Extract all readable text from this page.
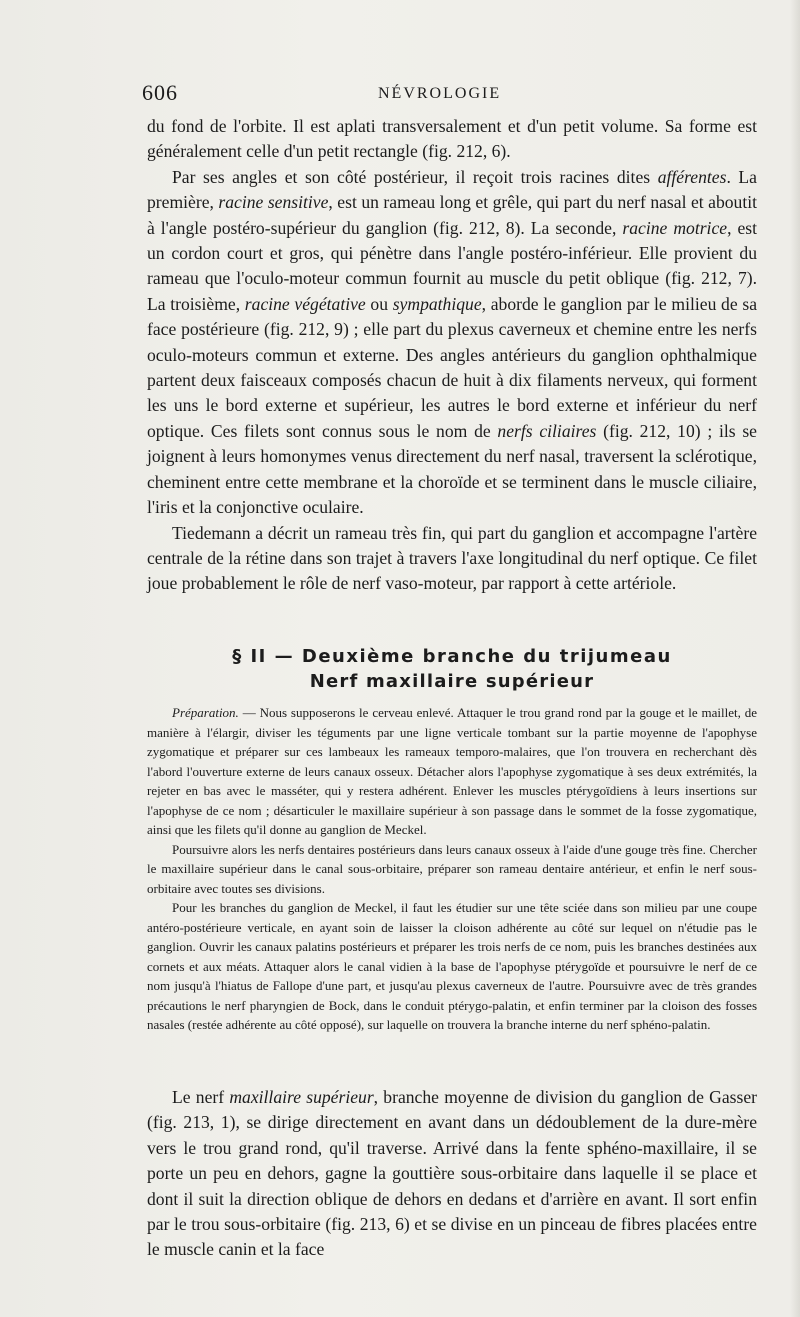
606	NÉVROLOGIE

du fond de l'orbite. Il est aplati transversalement et d'un petit volume. Sa forme est généralement celle d'un petit rectangle (fig. 212, 6).

Par ses angles et son côté postérieur, il reçoit trois racines dites afférentes. La première, racine sensitive, est un rameau long et grêle, qui part du nerf nasal et aboutit à l'angle postéro-supérieur du ganglion (fig. 212, 8). La seconde, racine motrice, est un cordon court et gros, qui pénètre dans l'angle postéro-inférieur. Elle provient du rameau que l'oculo-moteur commun fournit au muscle du petit oblique (fig. 212, 7). La troisième, racine végétative ou sympathique, aborde le ganglion par le milieu de sa face postérieure (fig. 212, 9) ; elle part du plexus caverneux et chemine entre les nerfs oculo-moteurs commun et externe. Des angles antérieurs du ganglion ophthalmique partent deux faisceaux composés chacun de huit à dix filaments nerveux, qui forment les uns le bord externe et supérieur, les autres le bord externe et inférieur du nerf optique. Ces filets sont connus sous le nom de nerfs ciliaires (fig. 212, 10) ; ils se joignent à leurs homonymes venus directement du nerf nasal, traversent la sclérotique, cheminent entre cette membrane et la choroïde et se terminent dans le muscle ciliaire, l'iris et la conjonctive oculaire.

Tiedemann a décrit un rameau très fin, qui part du ganglion et accompagne l'artère centrale de la rétine dans son trajet à travers l'axe longitudinal du nerf optique. Ce filet joue probablement le rôle de nerf vaso-moteur, par rapport à cette artériole.

§ II — Deuxième branche du trijumeau
Nerf maxillaire supérieur

Préparation. — Nous supposerons le cerveau enlevé. Attaquer le trou grand rond par la gouge et le maillet, de manière à l'élargir, diviser les téguments par une ligne verticale tombant sur la partie moyenne de l'apophyse zygomatique et préparer sur ces lambeaux les rameaux temporo-malaires, que l'on trouvera en recherchant dès l'abord l'ouverture externe de leurs canaux osseux. Détacher alors l'apophyse zygomatique à ses deux extrémités, la rejeter en bas avec le masséter, qui y restera adhérent. Enlever les muscles ptérygoïdiens à leurs insertions sur l'apophyse de ce nom ; désarticuler le maxillaire supérieur à son passage dans le sommet de la fosse zygomatique, ainsi que les filets qu'il donne au ganglion de Meckel.

Poursuivre alors les nerfs dentaires postérieurs dans leurs canaux osseux à l'aide d'une gouge très fine. Chercher le maxillaire supérieur dans le canal sous-orbitaire, préparer son rameau dentaire antérieur, et enfin le nerf sous-orbitaire avec toutes ses divisions.

Pour les branches du ganglion de Meckel, il faut les étudier sur une tête sciée dans son milieu par une coupe antéro-postérieure verticale, en ayant soin de laisser la cloison adhérente au côté sur lequel on n'étudie pas le ganglion. Ouvrir les canaux palatins postérieurs et préparer les trois nerfs de ce nom, puis les branches destinées aux cornets et aux méats. Attaquer alors le canal vidien à la base de l'apophyse ptérygoïde et poursuivre le nerf de ce nom jusqu'à l'hiatus de Fallope d'une part, et jusqu'au plexus caverneux de l'autre. Poursuivre avec de très grandes précautions le nerf pharyngien de Bock, dans le conduit ptérygo-palatin, et enfin terminer par la cloison des fosses nasales (restée adhérente au côté opposé), sur laquelle on trouvera la branche interne du nerf sphéno-palatin.

Le nerf maxillaire supérieur, branche moyenne de division du ganglion de Gasser (fig. 213, 1), se dirige directement en avant dans un dédoublement de la dure-mère vers le trou grand rond, qu'il traverse. Arrivé dans la fente sphéno-maxillaire, il se porte un peu en dehors, gagne la gouttière sous-orbitaire dans laquelle il se place et dont il suit la direction oblique de dehors en dedans et d'arrière en avant. Il sort enfin par le trou sous-orbitaire (fig. 213, 6) et se divise en un pinceau de fibres placées entre le muscle canin et la face
